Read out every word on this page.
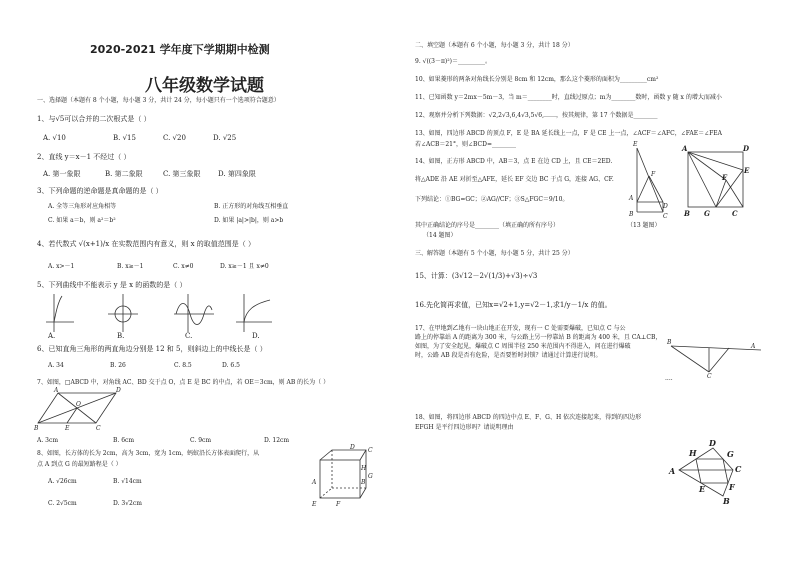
2020-2021 学年度下学期期中检测
八年级数学试题
一、选择题（本题有 8 个小题，每小题 3 分，共计 24 分，每小题只有一个选项符合题意）
1、与√5可以合并的二次根式是（ ）
A. √10	B. √15	C. √20	D. √25
2、直线 y＝x－1 不经过（ ）
A. 第一象限	B. 第二象限	C. 第三象限 D. 第四象限
3、下列命题的逆命题是真命题的是（ ）
A. 全等三角形对应角相等	B. 正方形的对角线互相垂直
C. 如果 a＝b，则 a²＝b²	D. 如果 |a|>|b|，则 a>b
4、若代数式 √(x+1)/x 在实数范围内有意义，则 x 的取值范围是（ ）
A. x>－1	B. x≥－1	C. x≠0	D. x≥－1 且 x≠0
5、下列曲线中不能表示 y 是 x 的函数的是（ ）
A.	B.	C.	D.
6、已知直角三角形的两直角边分别是 12 和 5，则斜边上的中线长是（ ）
A. 34	B. 26	C. 8.5	D. 6.5
7、如图，□ABCD 中，对角线 AC、BD 交于点 O，点 E 是 BC 的中点，若 OE＝3cm，则 AB 的长为（ ）
A	D
O
B	E	C
A. 3cm	B. 6cm	C. 9cm	D. 12cm
8、如图，长方体的长为 2cm，高为 3cm，宽为 1cm，蚂蚁沿长方体表面爬行，从
点 A 到点 G 的最短路程是（ ）
A. √26cm	B. √14cm
C. 2√5cm	D. 3√2cm
D C
H
G
A	B
E	F
二、填空题（本题有 6 个小题，每小题 3 分，共计 18 分）
9. √((3－π)²)＝_________。
10、如果菱形的两条对角线长分别是 8cm 和 12cm，那么这个菱形的面积为_________cm²
11、已知函数 y＝2mx－5m－3，当 m＝________时，直线过原点；m为________数时，函数 y 随 x 的增大而减小
12、观察并分析下列数据：√2,2√3,6,4√3,5√6,……，按其规律，第 17 个数据是________
13、如图，四边形 ABCD 的顶点 F，E 是 BA 延长线上一点，F 是 CE 上一点，∠ACF＝∠AFC，∠FAE＝∠FEA
若∠ACB＝21°，则∠BCD=________
14、如图，正方形 ABCD 中，AB＝3，点 E 在边 CD 上，且 CE＝2ED.
将△ADE 沿 AE 对折至△AFE，延长 EF 交边 BC 于点 G，连接 AG、CF.
下列结论：①BG=GC；②AG//CF；③S△FGC＝9/10。
其中正确结论的序号是________（填正确的所有序号）
（14 题图）
E
F
A
B
D
C
（13 题图）
A	D
E
F
B G	C
三、解答题（本题有 5 个小题，每小题 5 分，共计 25 分）
15、计算：(3√12－2√(1/3)+√3)÷√3
16.先化简再求值，已知x=√2+1,y=√2－1,求1/y－1/x 的值。
17、在甲地到乙地有一块山地正在开发，现有一 C 处需要爆破，已知点 C 与公
路上的停靠站 A 的距离为 300 米，与公路上另一停靠站 B 的距离为 400 米，且 CA⊥CB，
如图，为了安全起见，爆破点 C 周围半径 250 米范围内不得进入，问在进行爆破
时，公路 AB 段是否有危险，是否要暂时封锁？请通过计算进行说明。
B
A
....	C
18、如图，将四边形 ABCD 的四边中点 E、F、G、H 依次连接起来，得到的四边形
EFGH 是平行四边形吗？请说明理由
A
D
H	G
C
E	F
B
